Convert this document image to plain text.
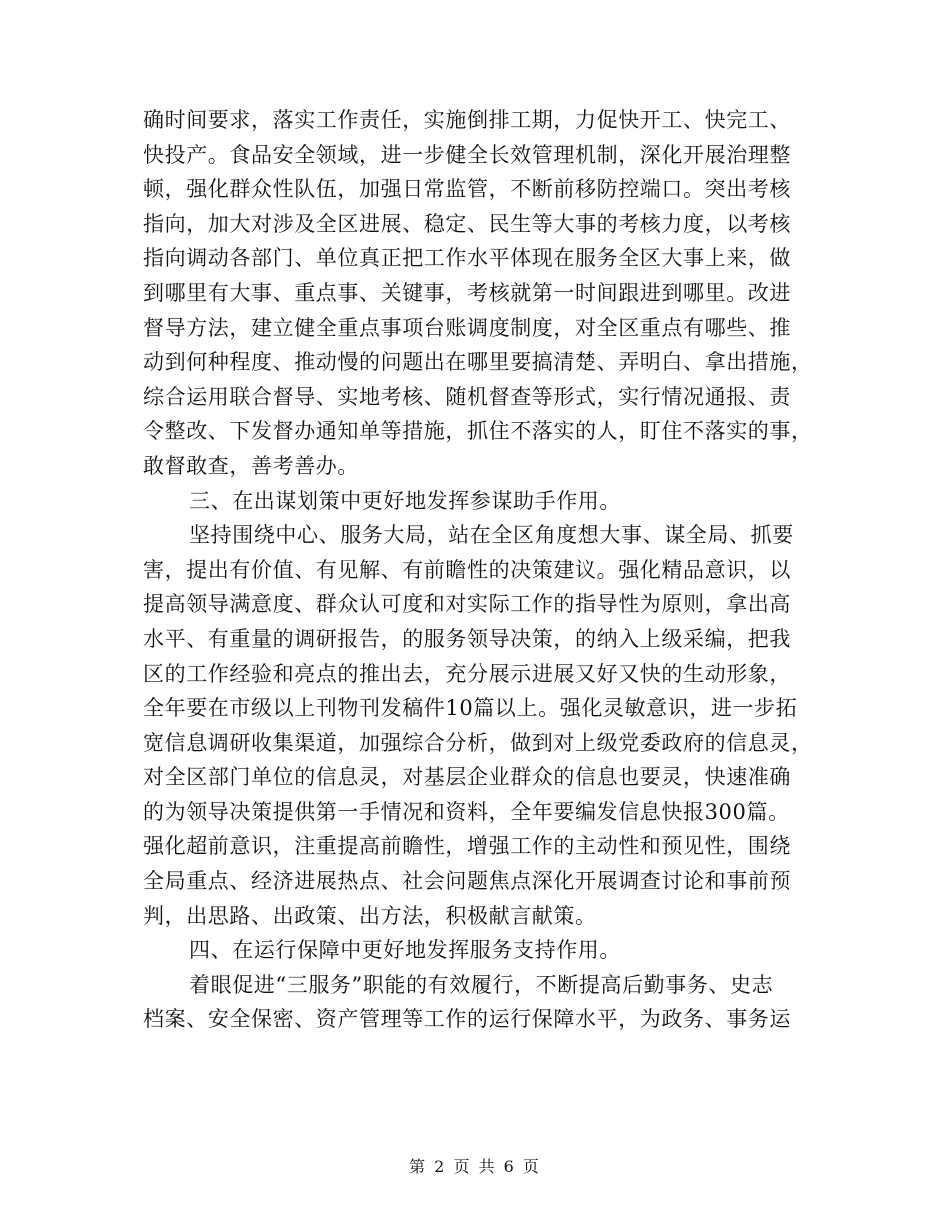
确时间要求，落实工作责任，实施倒排工期，力促快开工、快完工、
快投产。食品安全领域，进一步健全长效管理机制，深化开展治理整
顿，强化群众性队伍，加强日常监管，不断前移防控端口。突出考核
指向，加大对涉及全区进展、稳定、民生等大事的考核力度，以考核
指向调动各部门、单位真正把工作水平体现在服务全区大事上来，做
到哪里有大事、重点事、关键事，考核就第一时间跟进到哪里。改进
督导方法，建立健全重点事项台账调度制度，对全区重点有哪些、推
动到何种程度、推动慢的问题出在哪里要搞清楚、弄明白、拿出措施，
综合运用联合督导、实地考核、随机督查等形式，实行情况通报、责
令整改、下发督办通知单等措施，抓住不落实的人，盯住不落实的事，
敢督敢查，善考善办。
三、在出谋划策中更好地发挥参谋助手作用。
坚持围绕中心、服务大局，站在全区角度想大事、谋全局、抓要
害，提出有价值、有见解、有前瞻性的决策建议。强化精品意识，以
提高领导满意度、群众认可度和对实际工作的指导性为原则，拿出高
水平、有重量的调研报告，的服务领导决策，的纳入上级采编，把我
区的工作经验和亮点的推出去，充分展示进展又好又快的生动形象，
全年要在市级以上刊物刊发稿件10篇以上。强化灵敏意识，进一步拓
宽信息调研收集渠道，加强综合分析，做到对上级党委政府的信息灵，
对全区部门单位的信息灵，对基层企业群众的信息也要灵，快速准确
的为领导决策提供第一手情况和资料，全年要编发信息快报300篇。
强化超前意识，注重提高前瞻性，增强工作的主动性和预见性，围绕
全局重点、经济进展热点、社会问题焦点深化开展调查讨论和事前预
判，出思路、出政策、出方法，积极献言献策。
四、在运行保障中更好地发挥服务支持作用。
着眼促进“三服务”职能的有效履行，不断提高后勤事务、史志
档案、安全保密、资产管理等工作的运行保障水平，为政务、事务运
第 2 页 共 6 页
